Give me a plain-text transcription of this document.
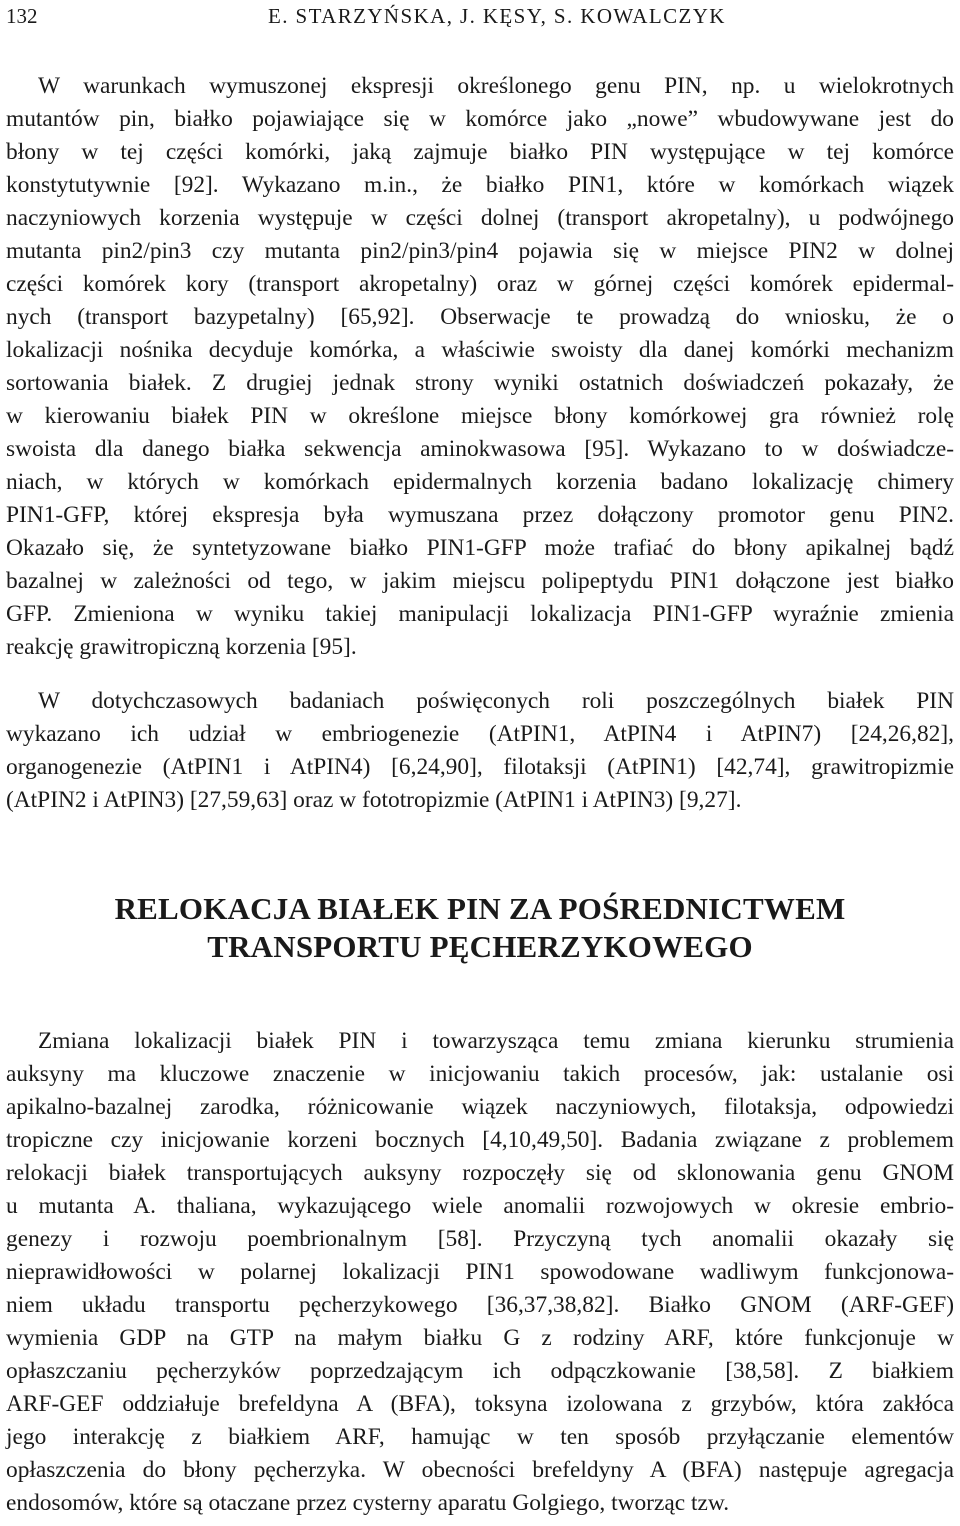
132	E. STARZYŃSKA, J. KĘSY, S. KOWALCZYK
W warunkach wymuszonej ekspresji określonego genu PIN, np. u wielokrotnych
mutantów pin, białko pojawiające się w komórce jako „nowe” wbudowywane jest do
błony w tej części komórki, jaką zajmuje białko PIN występujące w tej komórce
konstytutywnie [92]. Wykazano m.in., że białko PIN1, które w komórkach wiązek
naczyniowych korzenia występuje w części dolnej (transport akropetalny), u podwójnego
mutanta pin2/pin3 czy mutanta pin2/pin3/pin4 pojawia się w miejsce PIN2 w dolnej
części komórek kory (transport akropetalny) oraz w górnej części komórek epidermal-
nych (transport bazypetalny) [65,92]. Obserwacje te prowadzą do wniosku, że o
lokalizacji nośnika decyduje komórka, a właściwie swoisty dla danej komórki mechanizm
sortowania białek. Z drugiej jednak strony wyniki ostatnich doświadczeń pokazały, że
w kierowaniu białek PIN w określone miejsce błony komórkowej gra również rolę
swoista dla danego białka sekwencja aminokwasowa [95]. Wykazano to w doświadcze-
niach, w których w komórkach epidermalnych korzenia badano lokalizację chimery
PIN1-GFP, której ekspresja była wymuszana przez dołączony promotor genu PIN2.
Okazało się, że syntetyzowane białko PIN1-GFP może trafiać do błony apikalnej bądź
bazalnej w zależności od tego, w jakim miejscu polipeptydu PIN1 dołączone jest białko
GFP. Zmieniona w wyniku takiej manipulacji lokalizacja PIN1-GFP wyraźnie zmienia
reakcję grawitropiczną korzenia [95].
W dotychczasowych badaniach poświęconych roli poszczególnych białek PIN
wykazano ich udział w embriogenezie (AtPIN1, AtPIN4 i AtPIN7) [24,26,82],
organogenezie (AtPIN1 i AtPIN4) [6,24,90], filotaksji (AtPIN1) [42,74], grawitropizmie
(AtPIN2 i AtPIN3) [27,59,63] oraz w fototropizmie (AtPIN1 i AtPIN3) [9,27].
RELOKACJA BIAŁEK PIN ZA POŚREDNICTWEM
TRANSPORTU PĘCHERZYKOWEGO
Zmiana lokalizacji białek PIN i towarzysząca temu zmiana kierunku strumienia
auksyny ma kluczowe znaczenie w inicjowaniu takich procesów, jak: ustalanie osi
apikalno-bazalnej zarodka, różnicowanie wiązek naczyniowych, filotaksja, odpowiedzi
tropiczne czy inicjowanie korzeni bocznych [4,10,49,50]. Badania związane z problemem
relokacji białek transportujących auksyny rozpoczęły się od sklonowania genu GNOM
u mutanta A. thaliana, wykazującego wiele anomalii rozwojowych w okresie embrio-
genezy i rozwoju poembrionalnym [58]. Przyczyną tych anomalii okazały się
nieprawidłowości w polarnej lokalizacji PIN1 spowodowane wadliwym funkcjonowa-
niem układu transportu pęcherzykowego [36,37,38,82]. Białko GNOM (ARF-GEF)
wymienia GDP na GTP na małym białku G z rodziny ARF, które funkcjonuje w
opłaszczaniu pęcherzyków poprzedzającym ich odpączkowanie [38,58]. Z białkiem
ARF-GEF oddziałuje brefeldyna A (BFA), toksyna izolowana z grzybów, która zakłóca
jego interakcję z białkiem ARF, hamując w ten sposób przyłączanie elementów
opłaszczenia do błony pęcherzyka. W obecności brefeldyny A (BFA) następuje agregacja
endosomów, które są otaczane przez cysterny aparatu Golgiego, tworząc tzw.
